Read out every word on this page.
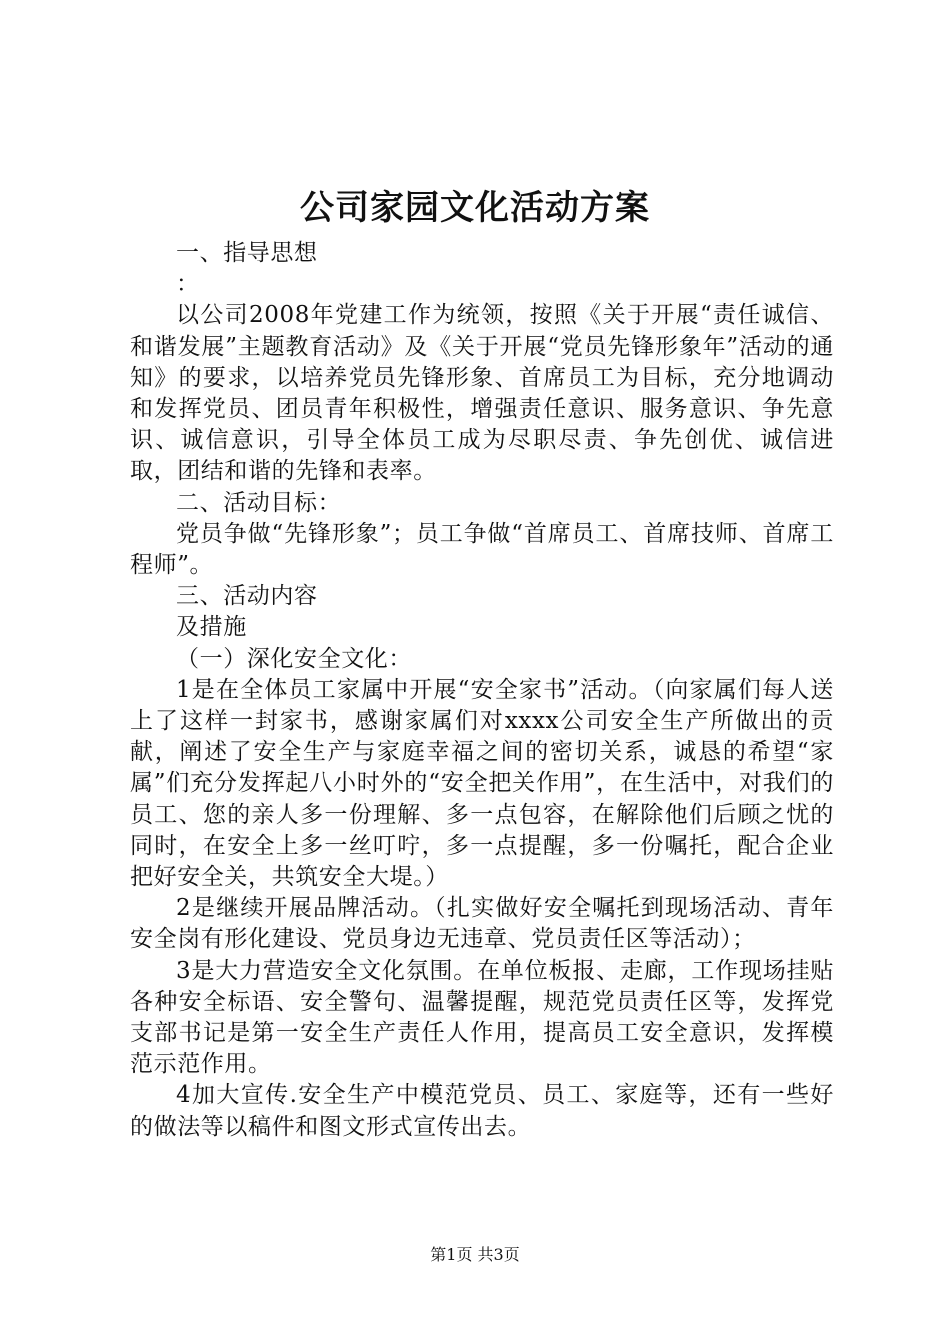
公司家园文化活动方案

一、指导思想

：

以公司2008年党建工作为统领，按照《关于开展“责任诚信、和谐发展”主题教育活动》及《关于开展“党员先锋形象年”活动的通知》的要求，以培养党员先锋形象、首席员工为目标，充分地调动和发挥党员、团员青年积极性，增强责任意识、服务意识、争先意识、诚信意识，引导全体员工成为尽职尽责、争先创优、诚信进取，团结和谐的先锋和表率。

二、活动目标：

党员争做“先锋形象”；员工争做“首席员工、首席技师、首席工程师”。

三、活动内容

及措施

（一）深化安全文化：

1是在全体员工家属中开展“安全家书”活动。（向家属们每人送上了这样一封家书，感谢家属们对xxxx公司安全生产所做出的贡献，阐述了安全生产与家庭幸福之间的密切关系，诚恳的希望“家属”们充分发挥起八小时外的“安全把关作用”，在生活中，对我们的员工、您的亲人多一份理解、多一点包容，在解除他们后顾之忧的同时，在安全上多一丝叮咛，多一点提醒，多一份嘱托，配合企业把好安全关，共筑安全大堤。）

2是继续开展品牌活动。（扎实做好安全嘱托到现场活动、青年安全岗有形化建设、党员身边无违章、党员责任区等活动）；

3是大力营造安全文化氛围。在单位板报、走廊，工作现场挂贴各种安全标语、安全警句、温馨提醒，规范党员责任区等，发挥党支部书记是第一安全生产责任人作用，提高员工安全意识，发挥模范示范作用。

4加大宣传.安全生产中模范党员、员工、家庭等，还有一些好的做法等以稿件和图文形式宣传出去。

第1页 共3页
